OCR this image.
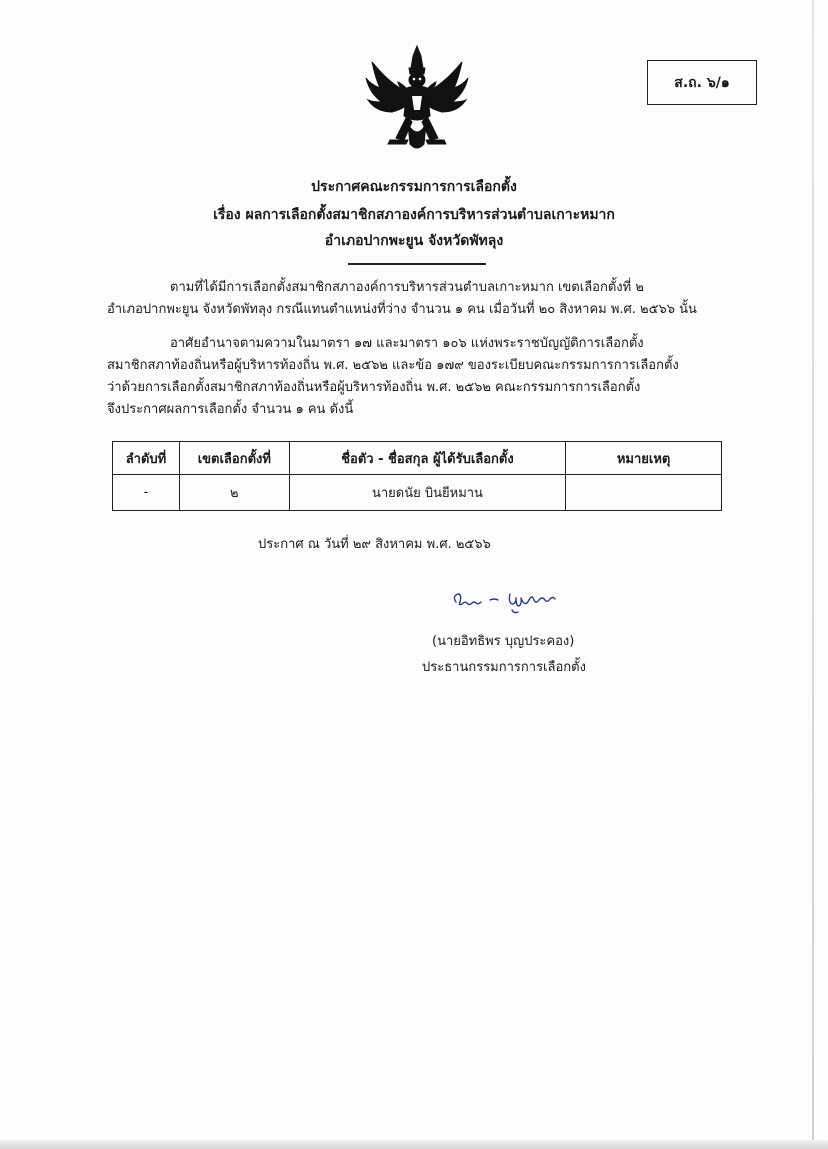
ส.ถ. ๖/๑
ประกาศคณะกรรมการการเลือกตั้ง
เรื่อง ผลการเลือกตั้งสมาชิกสภาองค์การบริหารส่วนตำบลเกาะหมาก
อำเภอปากพะยูน จังหวัดพัทลุง
ตามที่ได้มีการเลือกตั้งสมาชิกสภาองค์การบริหารส่วนตำบลเกาะหมาก เขตเลือกตั้งที่ ๒
อำเภอปากพะยูน จังหวัดพัทลุง กรณีแทนตำแหน่งที่ว่าง จำนวน ๑ คน เมื่อวันที่ ๒๐ สิงหาคม พ.ศ. ๒๕๖๖ นั้น
อาศัยอำนาจตามความในมาตรา ๑๗ และมาตรา ๑๐๖ แห่งพระราชบัญญัติการเลือกตั้ง
สมาชิกสภาท้องถิ่นหรือผู้บริหารท้องถิ่น พ.ศ. ๒๕๖๒ และข้อ ๑๗๙ ของระเบียบคณะกรรมการการเลือกตั้ง
ว่าด้วยการเลือกตั้งสมาชิกสภาท้องถิ่นหรือผู้บริหารท้องถิ่น พ.ศ. ๒๕๖๒ คณะกรรมการการเลือกตั้ง
จึงประกาศผลการเลือกตั้ง จำนวน ๑ คน ดังนี้
ลำดับที่	เขตเลือกตั้งที่	ชื่อตัว - ชื่อสกุล ผู้ได้รับเลือกตั้ง	หมายเหตุ
-	๒	นายดนัย บินยีหมาน	
ประกาศ ณ วันที่ ๒๙ สิงหาคม พ.ศ. ๒๕๖๖
(นายอิทธิพร บุญประคอง)
ประธานกรรมการการเลือกตั้ง
